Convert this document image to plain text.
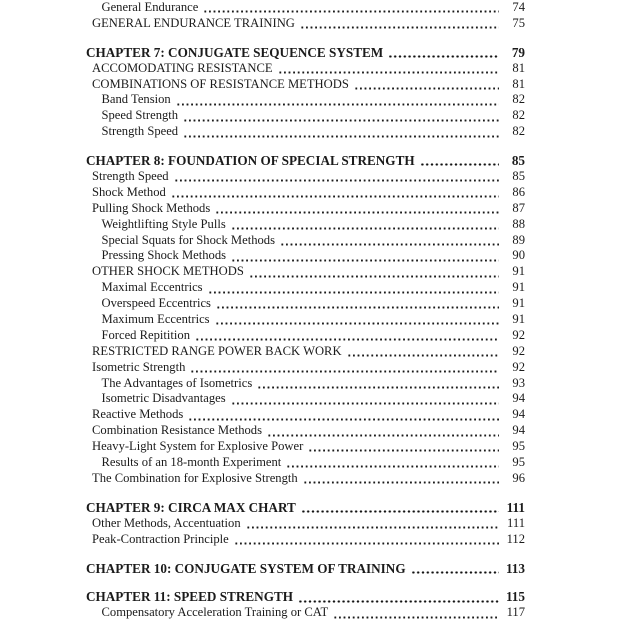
General Endurance	74
GENERAL ENDURANCE TRAINING	75
CHAPTER 7: CONJUGATE SEQUENCE SYSTEM	79
ACCOMODATING RESISTANCE	81
COMBINATIONS OF RESISTANCE METHODS	81
Band Tension	82
Speed Strength	82
Strength Speed	82
CHAPTER 8: FOUNDATION OF SPECIAL STRENGTH	85
Strength Speed	85
Shock Method	86
Pulling Shock Methods	87
Weightlifting Style Pulls	88
Special Squats for Shock Methods	89
Pressing Shock Methods	90
OTHER SHOCK METHODS	91
Maximal Eccentrics	91
Overspeed Eccentrics	91
Maximum Eccentrics	91
Forced Repitition	92
RESTRICTED RANGE POWER BACK WORK	92
Isometric Strength	92
The Advantages of Isometrics	93
Isometric Disadvantages	94
Reactive Methods	94
Combination Resistance Methods	94
Heavy-Light System for Explosive Power	95
Results of an 18-month Experiment	95
The Combination for Explosive Strength	96
CHAPTER 9: CIRCA MAX CHART	111
Other Methods, Accentuation	111
Peak-Contraction Principle	112
CHAPTER 10: CONJUGATE SYSTEM OF TRAINING	113
CHAPTER 11: SPEED STRENGTH	115
Compensatory Acceleration Training or CAT	117
